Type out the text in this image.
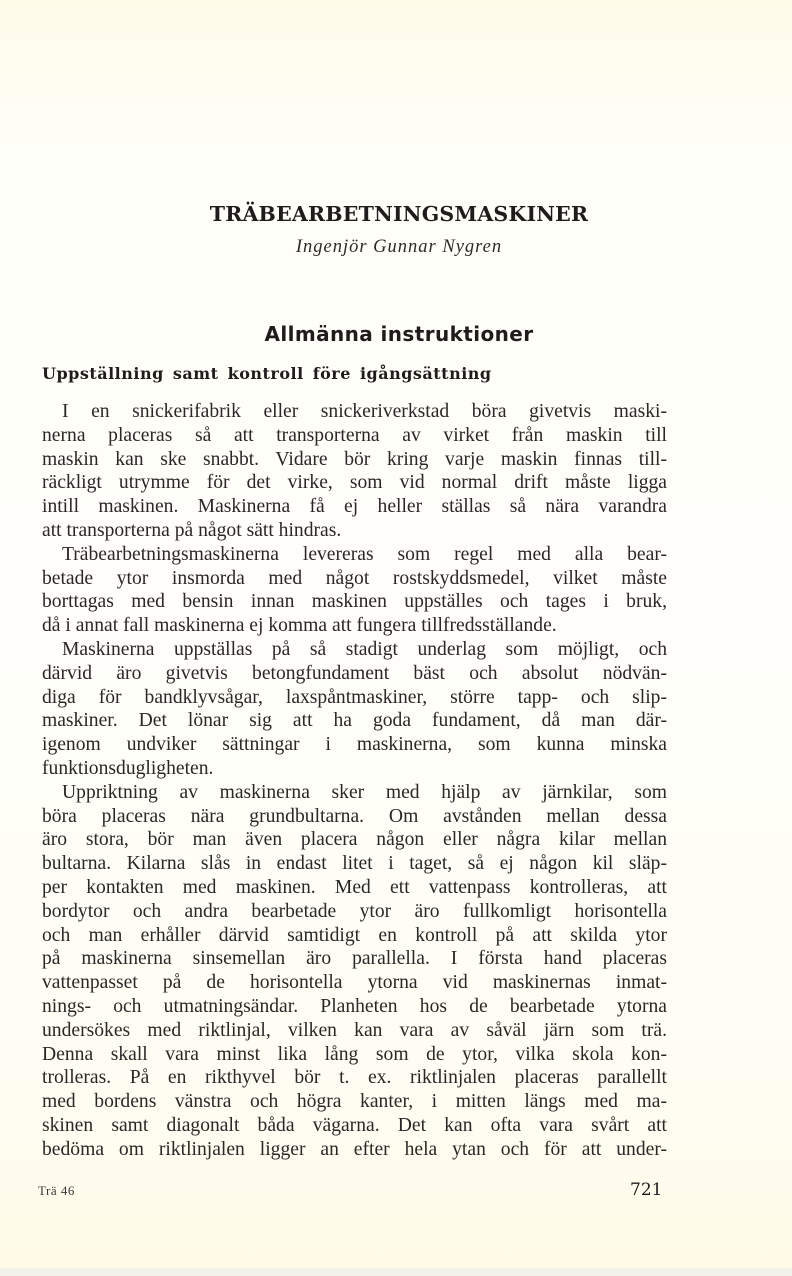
TRÄBEARBETNINGSMASKINER
Ingenjör Gunnar Nygren
Allmänna instruktioner
Uppställning samt kontroll före igångsättning
I en snickerifabrik eller snickeriverkstad böra givetvis maski-
nerna placeras så att transporterna av virket från maskin till
maskin kan ske snabbt. Vidare bör kring varje maskin finnas till-
räckligt utrymme för det virke, som vid normal drift måste ligga
intill maskinen. Maskinerna få ej heller ställas så nära varandra
att transporterna på något sätt hindras.
Träbearbetningsmaskinerna levereras som regel med alla bear-
betade ytor insmorda med något rostskyddsmedel, vilket måste
borttagas med bensin innan maskinen uppställes och tages i bruk,
då i annat fall maskinerna ej komma att fungera tillfredsställande.
Maskinerna uppställas på så stadigt underlag som möjligt, och
därvid äro givetvis betongfundament bäst och absolut nödvän-
diga för bandklyvsågar, laxspåntmaskiner, större tapp- och slip-
maskiner. Det lönar sig att ha goda fundament, då man där-
igenom undviker sättningar i maskinerna, som kunna minska
funktionsdugligheten.
Uppriktning av maskinerna sker med hjälp av järnkilar, som
böra placeras nära grundbultarna. Om avstånden mellan dessa
äro stora, bör man även placera någon eller några kilar mellan
bultarna. Kilarna slås in endast litet i taget, så ej någon kil släp-
per kontakten med maskinen. Med ett vattenpass kontrolleras, att
bordytor och andra bearbetade ytor äro fullkomligt horisontella
och man erhåller därvid samtidigt en kontroll på att skilda ytor
på maskinerna sinsemellan äro parallella. I första hand placeras
vattenpasset på de horisontella ytorna vid maskinernas inmat-
nings- och utmatningsändar. Planheten hos de bearbetade ytorna
undersökes med riktlinjal, vilken kan vara av såväl järn som trä.
Denna skall vara minst lika lång som de ytor, vilka skola kon-
trolleras. På en rikthyvel bör t. ex. riktlinjalen placeras parallellt
med bordens vänstra och högra kanter, i mitten längs med ma-
skinen samt diagonalt båda vägarna. Det kan ofta vara svårt att
bedöma om riktlinjalen ligger an efter hela ytan och för att under-
Trä 46	721
